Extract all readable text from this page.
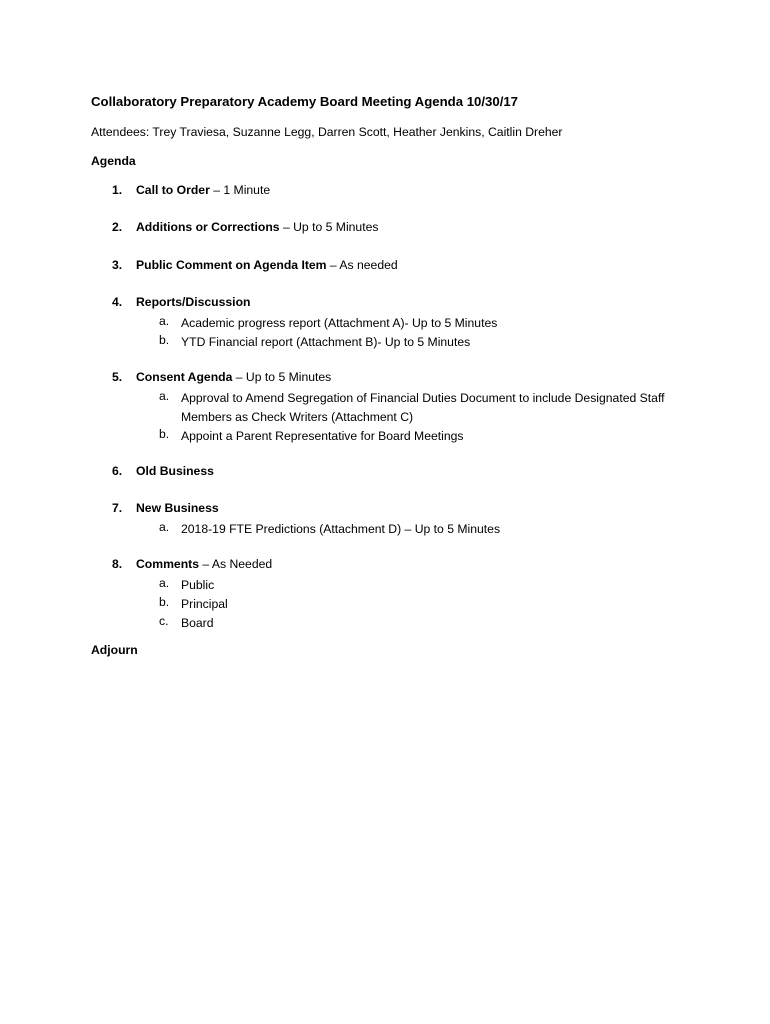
Collaboratory Preparatory Academy Board Meeting Agenda 10/30/17
Attendees: Trey Traviesa, Suzanne Legg, Darren Scott, Heather Jenkins, Caitlin Dreher
Agenda
1. Call to Order – 1 Minute
2. Additions or Corrections – Up to 5 Minutes
3. Public Comment on Agenda Item – As needed
4. Reports/Discussion
a. Academic progress report (Attachment A)- Up to 5 Minutes
b. YTD Financial report (Attachment B)- Up to 5 Minutes
5. Consent Agenda – Up to 5 Minutes
a. Approval to Amend Segregation of Financial Duties Document to include Designated Staff Members as Check Writers (Attachment C)
b. Appoint a Parent Representative for Board Meetings
6. Old Business
7. New Business
a. 2018-19 FTE Predictions (Attachment D) – Up to 5 Minutes
8. Comments – As Needed
a. Public
b. Principal
c. Board
Adjourn
